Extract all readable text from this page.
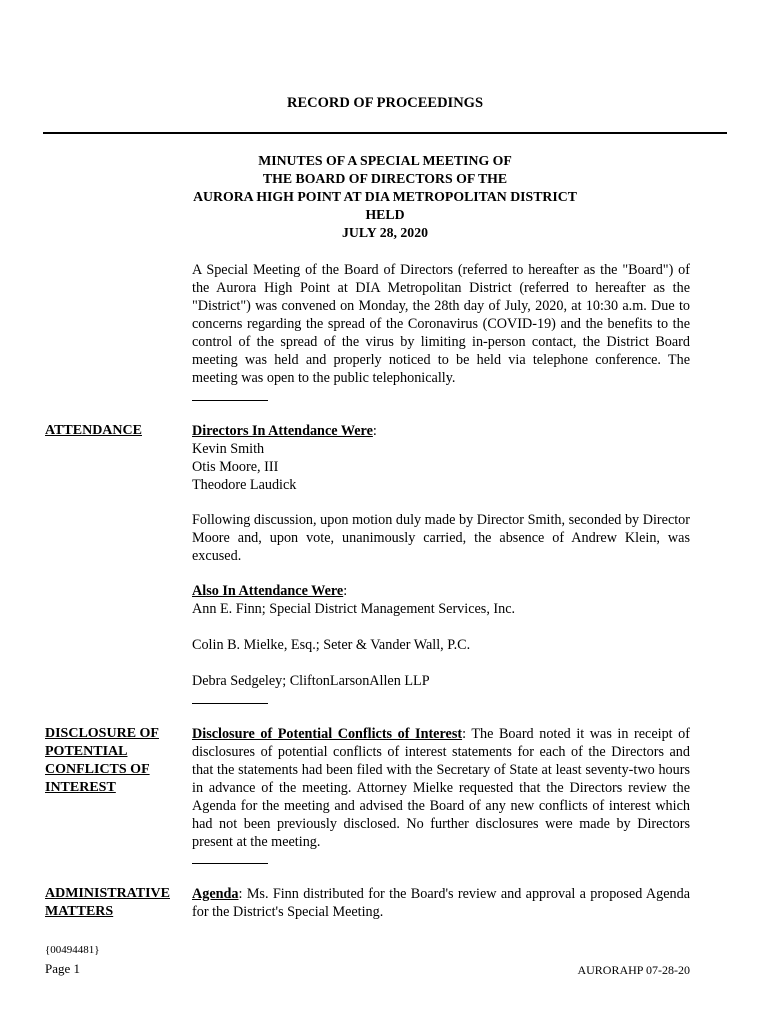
RECORD OF PROCEEDINGS
MINUTES OF A SPECIAL MEETING OF
THE BOARD OF DIRECTORS OF THE
AURORA HIGH POINT AT DIA METROPOLITAN DISTRICT
HELD
JULY 28, 2020
A Special Meeting of the Board of Directors (referred to hereafter as the "Board") of the Aurora High Point at DIA Metropolitan District (referred to hereafter as the "District") was convened on Monday, the 28th day of July, 2020, at 10:30 a.m. Due to concerns regarding the spread of the Coronavirus (COVID-19) and the benefits to the control of the spread of the virus by limiting in-person contact, the District Board meeting was held and properly noticed to be held via telephone conference. The meeting was open to the public telephonically.
ATTENDANCE	Directors In Attendance Were:
Kevin Smith
Otis Moore, III
Theodore Laudick
Following discussion, upon motion duly made by Director Smith, seconded by Director Moore and, upon vote, unanimously carried, the absence of Andrew Klein, was excused.
Also In Attendance Were:
Ann E. Finn; Special District Management Services, Inc.
Colin B. Mielke, Esq.; Seter & Vander Wall, P.C.
Debra Sedgeley; CliftonLarsonAllen LLP
DISCLOSURE OF
POTENTIAL
CONFLICTS OF
INTEREST
Disclosure of Potential Conflicts of Interest: The Board noted it was in receipt of disclosures of potential conflicts of interest statements for each of the Directors and that the statements had been filed with the Secretary of State at least seventy-two hours in advance of the meeting. Attorney Mielke requested that the Directors review the Agenda for the meeting and advised the Board of any new conflicts of interest which had not been previously disclosed. No further disclosures were made by Directors present at the meeting.
ADMINISTRATIVE
MATTERS
Agenda: Ms. Finn distributed for the Board's review and approval a proposed Agenda for the District's Special Meeting.
{00494481}
Page 1	AURORAHP 07-28-20
